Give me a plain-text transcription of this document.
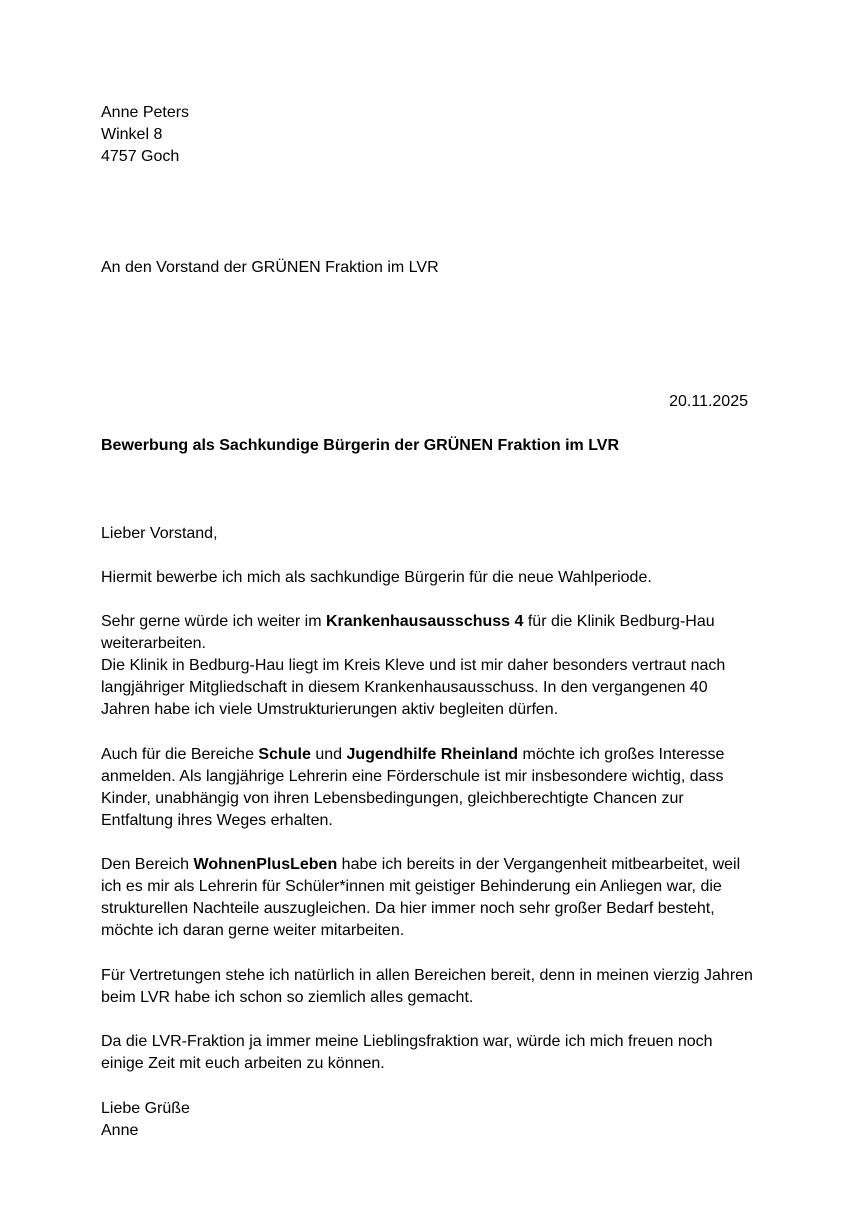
Anne Peters
Winkel 8
4757 Goch
An den Vorstand der GRÜNEN Fraktion im LVR
20.11.2025
Bewerbung als Sachkundige Bürgerin der GRÜNEN Fraktion im LVR
Lieber Vorstand,
Hiermit bewerbe ich mich als sachkundige Bürgerin für die neue Wahlperiode.
Sehr gerne würde ich weiter im Krankenhausausschuss 4 für die Klinik Bedburg-Hau
weiterarbeiten.
Die Klinik in Bedburg-Hau liegt im Kreis Kleve und ist mir daher besonders vertraut nach
langjähriger Mitgliedschaft in diesem Krankenhausausschuss. In den vergangenen 40
Jahren habe ich viele Umstrukturierungen aktiv begleiten dürfen.
Auch für die Bereiche Schule und Jugendhilfe Rheinland möchte ich großes Interesse
anmelden. Als langjährige Lehrerin eine Förderschule ist mir insbesondere wichtig, dass
Kinder, unabhängig von ihren Lebensbedingungen, gleichberechtigte Chancen zur
Entfaltung ihres Weges erhalten.
Den Bereich WohnenPlusLeben habe ich bereits in der Vergangenheit mitbearbeitet, weil
ich es mir als Lehrerin für Schüler*innen mit geistiger Behinderung ein Anliegen war, die
strukturellen Nachteile auszugleichen. Da hier immer noch sehr großer Bedarf besteht,
möchte ich daran gerne weiter mitarbeiten.
Für Vertretungen stehe ich natürlich in allen Bereichen bereit, denn in meinen vierzig Jahren
beim LVR habe ich schon so ziemlich alles gemacht.
Da die LVR-Fraktion ja immer meine Lieblingsfraktion war, würde ich mich freuen noch
einige Zeit mit euch arbeiten zu können.
Liebe Grüße
Anne
